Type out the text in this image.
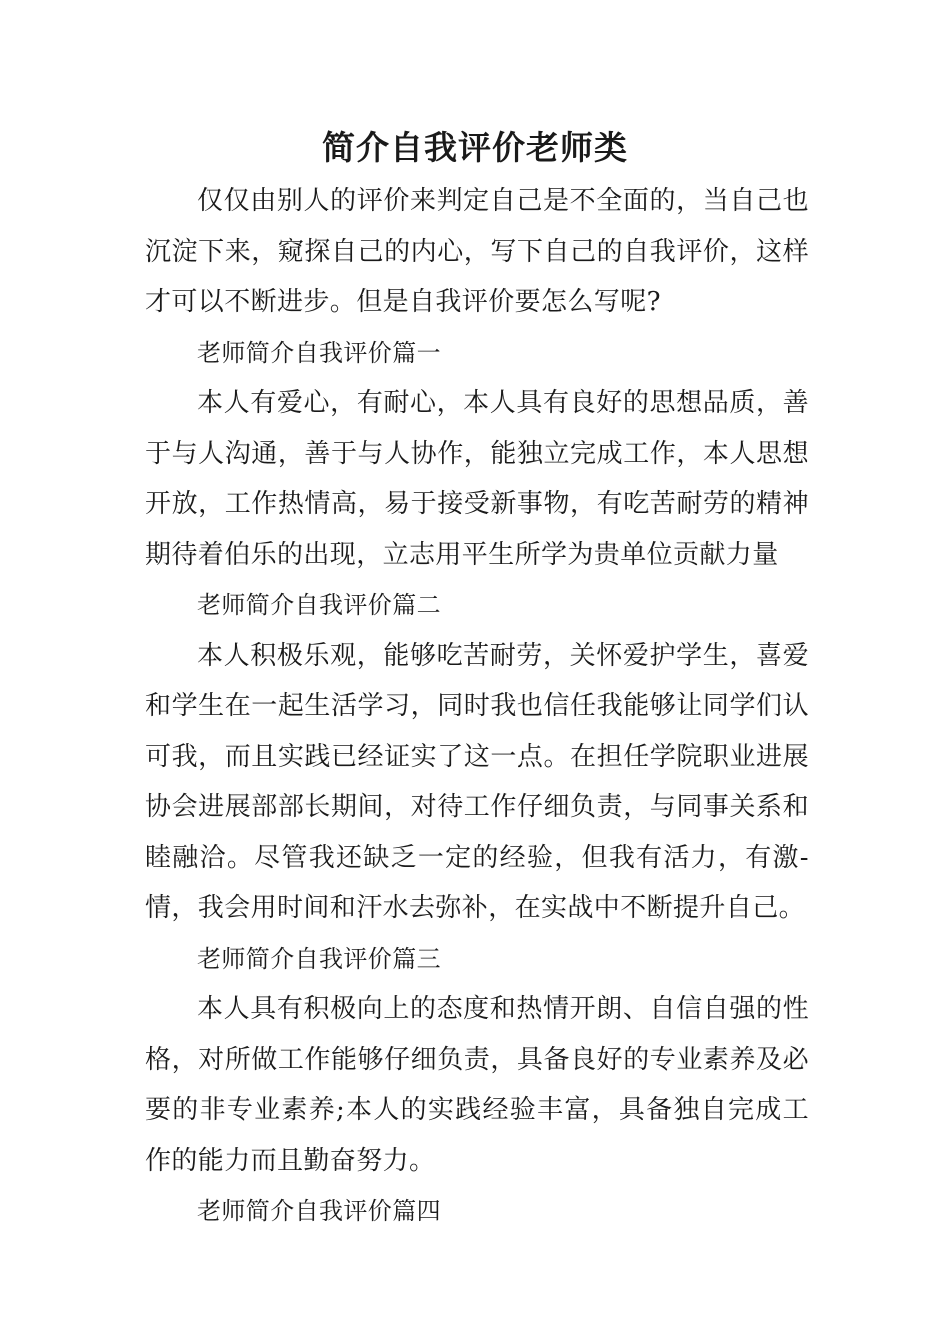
简介自我评价老师类

仅仅由别人的评价来判定自己是不全面的，当自己也沉淀下来，窥探自己的内心，写下自己的自我评价，这样才可以不断进步。但是自我评价要怎么写呢?

老师简介自我评价篇一

本人有爱心，有耐心，本人具有良好的思想品质，善于与人沟通，善于与人协作，能独立完成工作，本人思想开放，工作热情高，易于接受新事物，有吃苦耐劳的精神期待着伯乐的出现，立志用平生所学为贵单位贡献力量

老师简介自我评价篇二

本人积极乐观，能够吃苦耐劳，关怀爱护学生，喜爱和学生在一起生活学习，同时我也信任我能够让同学们认可我，而且实践已经证实了这一点。在担任学院职业进展协会进展部部长期间，对待工作仔细负责，与同事关系和睦融洽。尽管我还缺乏一定的经验，但我有活力，有激-情，我会用时间和汗水去弥补，在实战中不断提升自己。

老师简介自我评价篇三

本人具有积极向上的态度和热情开朗、自信自强的性格，对所做工作能够仔细负责，具备良好的专业素养及必要的非专业素养;本人的实践经验丰富，具备独自完成工作的能力而且勤奋努力。

老师简介自我评价篇四
